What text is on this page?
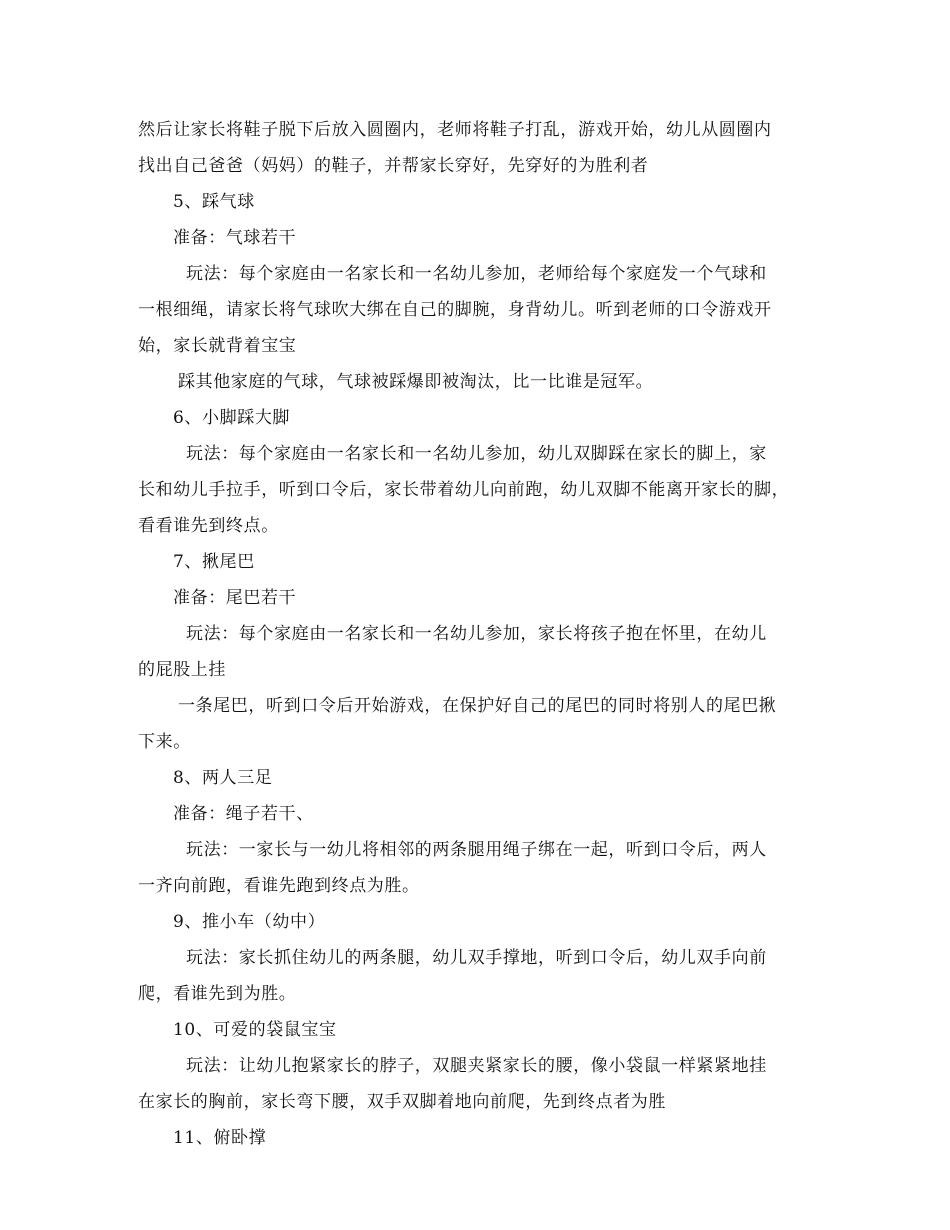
然后让家长将鞋子脱下后放入圆圈内，老师将鞋子打乱，游戏开始，幼儿从圆圈内
找出自己爸爸（妈妈）的鞋子，并帮家长穿好，先穿好的为胜利者
5、踩气球
准备：气球若干
玩法：每个家庭由一名家长和一名幼儿参加，老师给每个家庭发一个气球和
一根细绳，请家长将气球吹大绑在自己的脚腕，身背幼儿。听到老师的口令游戏开
始，家长就背着宝宝
踩其他家庭的气球，气球被踩爆即被淘汰，比一比谁是冠军。
6、小脚踩大脚
玩法：每个家庭由一名家长和一名幼儿参加，幼儿双脚踩在家长的脚上，家
长和幼儿手拉手，听到口令后，家长带着幼儿向前跑，幼儿双脚不能离开家长的脚，
看看谁先到终点。
7、揪尾巴
准备：尾巴若干
玩法：每个家庭由一名家长和一名幼儿参加，家长将孩子抱在怀里，在幼儿
的屁股上挂
一条尾巴，听到口令后开始游戏，在保护好自己的尾巴的同时将别人的尾巴揪
下来。
8、两人三足
准备：绳子若干、
玩法：一家长与一幼儿将相邻的两条腿用绳子绑在一起，听到口令后，两人
一齐向前跑，看谁先跑到终点为胜。
9、推小车（幼中）
玩法：家长抓住幼儿的两条腿，幼儿双手撑地，听到口令后，幼儿双手向前
爬，看谁先到为胜。
10、可爱的袋鼠宝宝
玩法：让幼儿抱紧家长的脖子，双腿夹紧家长的腰，像小袋鼠一样紧紧地挂
在家长的胸前，家长弯下腰，双手双脚着地向前爬，先到终点者为胜
11、俯卧撑
